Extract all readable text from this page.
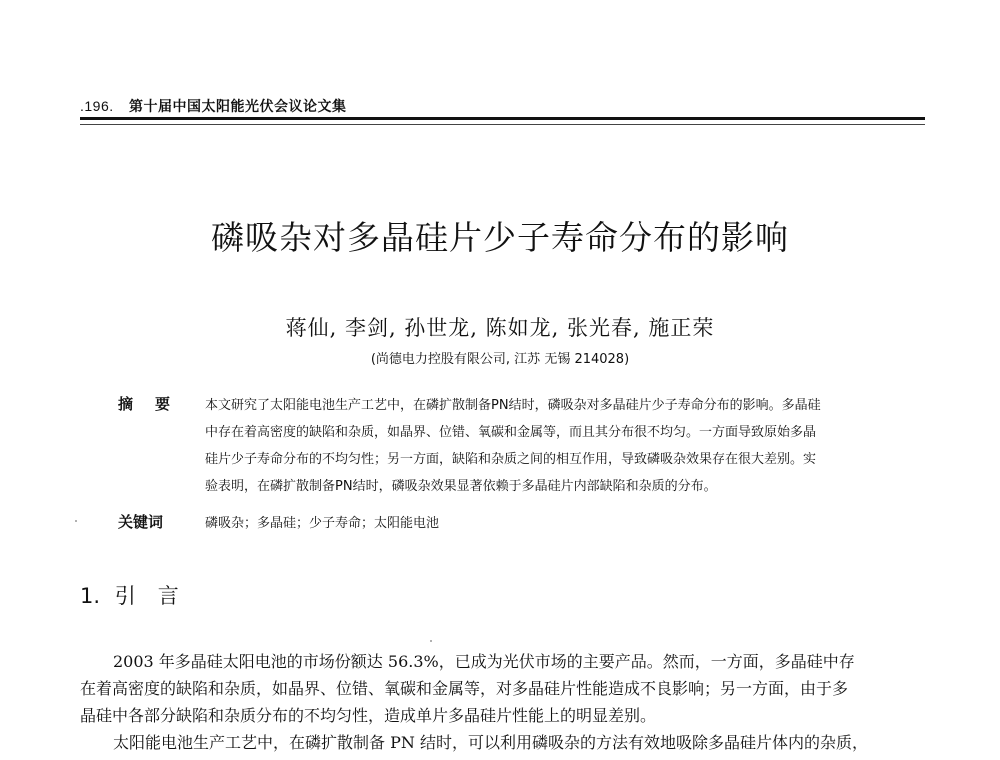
.196. 第十届中国太阳能光伏会议论文集
磷吸杂对多晶硅片少子寿命分布的影响
蒋仙, 李剑, 孙世龙, 陈如龙, 张光春, 施正荣
(尚德电力控股有限公司, 江苏 无锡 214028)
摘要 本文研究了太阳能电池生产工艺中，在磷扩散制备PN结时，磷吸杂对多晶硅片少子寿命分布的影响。多晶硅
中存在着高密度的缺陷和杂质，如晶界、位错、氧碳和金属等，而且其分布很不均匀。一方面导致原始多晶
硅片少子寿命分布的不均匀性；另一方面，缺陷和杂质之间的相互作用，导致磷吸杂效果存在很大差别。实
验表明，在磷扩散制备PN结时，磷吸杂效果显著依赖于多晶硅片内部缺陷和杂质的分布。
关键词	磷吸杂；多晶硅；少子寿命；太阳能电池
1. 引言
2003 年多晶硅太阳电池的市场份额达 56.3%，已成为光伏市场的主要产品。然而，一方面，多晶硅中存
在着高密度的缺陷和杂质，如晶界、位错、氧碳和金属等，对多晶硅片性能造成不良影响；另一方面，由于多
晶硅中各部分缺陷和杂质分布的不均匀性，造成单片多晶硅片性能上的明显差别。
太阳能电池生产工艺中，在磷扩散制备 PN 结时，可以利用磷吸杂的方法有效地吸除多晶硅片体内的杂质，
